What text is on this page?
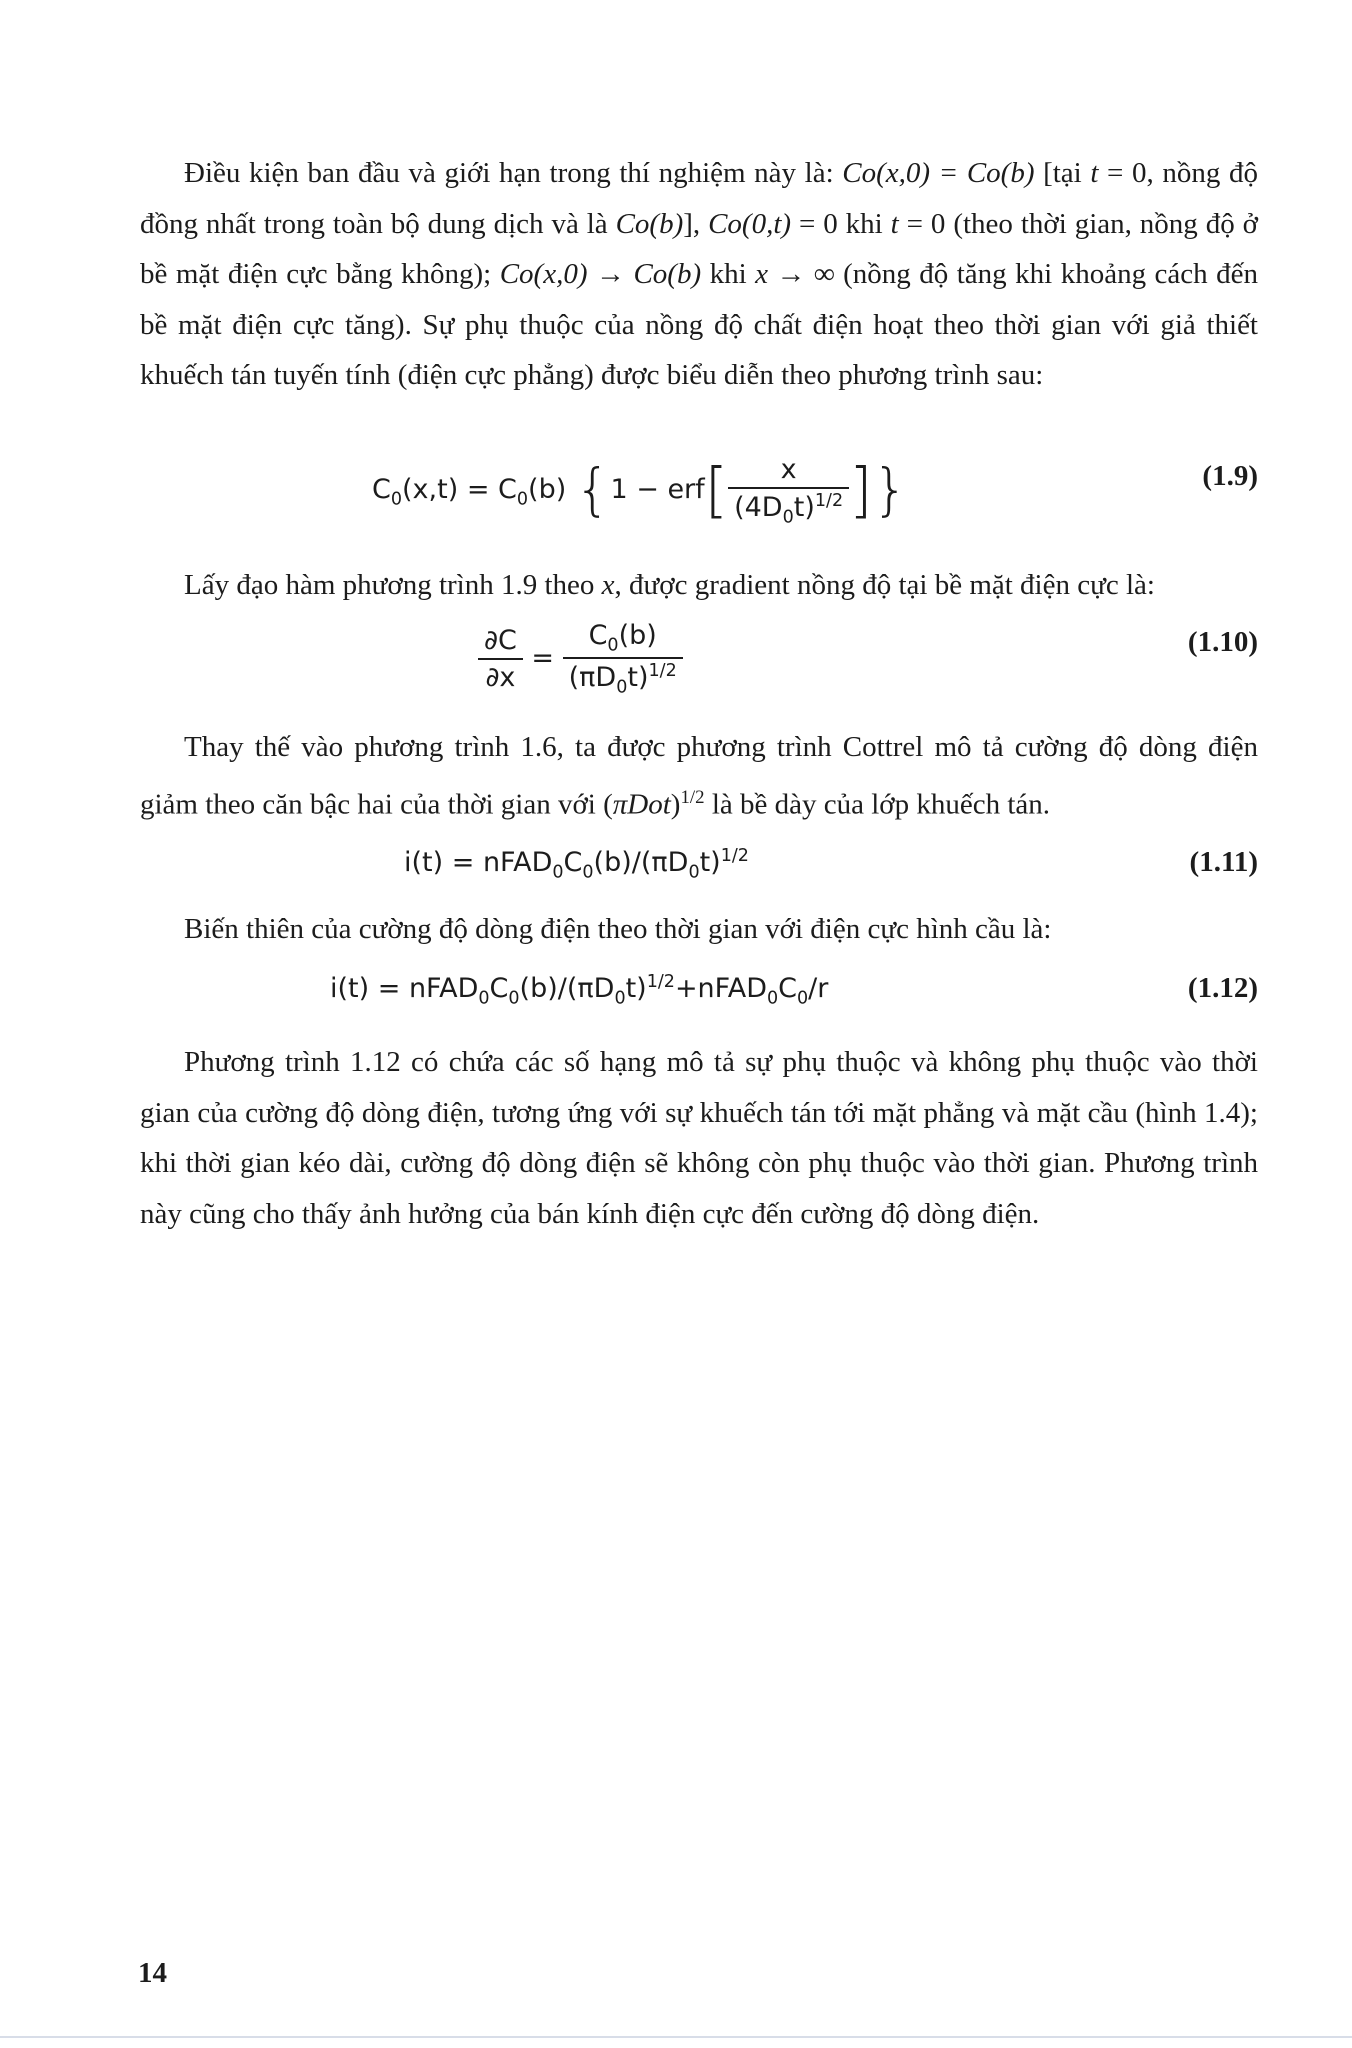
Điều kiện ban đầu và giới hạn trong thí nghiệm này là: Co(x,0) = Co(b) [tại t = 0, nồng độ đồng nhất trong toàn bộ dung dịch và là Co(b)], Co(0,t) = 0 khi t = 0 (theo thời gian, nồng độ ở bề mặt điện cực bằng không); Co(x,0) → Co(b) khi x → ∞ (nồng độ tăng khi khoảng cách đến bề mặt điện cực tăng). Sự phụ thuộc của nồng độ chất điện hoạt theo thời gian với giả thiết khuếch tán tuyến tính (điện cực phẳng) được biểu diễn theo phương trình sau:

$C_0(x,t) = C_0(b) \{1 - erf[ \frac{x}{(4D_0t)^{1/2}}$ ]}	(1.9)

Lấy đạo hàm phương trình 1.9 theo x, được gradient nồng độ tại bề mặt điện cực là:

$\frac{\partial C}{\partial x} = \frac{C_0(b)}{(\pi D_0t)^{1/2}}$	(1.10)

Thay thế vào phương trình 1.6, ta được phương trình Cottrel mô tả cường độ dòng điện giảm theo căn bậc hai của thời gian với $(\pi Dot)^{1/2}$ là bề dày của lớp khuếch tán.

$i(t) = nFAD_0C_0(b)/(\pi D_0t)^{1/2}$	(1.11)

Biến thiên của cường độ dòng điện theo thời gian với điện cực hình cầu là:

$i(t) = nFAD_0C_0(b)/(\pi D_0t)^{1/2}+nFAD_0C_0/r$	(1.12)

Phương trình 1.12 có chứa các số hạng mô tả sự phụ thuộc và không phụ thuộc vào thời gian của cường độ dòng điện, tương ứng với sự khuếch tán tới mặt phẳng và mặt cầu (hình 1.4); khi thời gian kéo dài, cường độ dòng điện sẽ không còn phụ thuộc vào thời gian. Phương trình này cũng cho thấy ảnh hưởng của bán kính điện cực đến cường độ dòng điện.

14
